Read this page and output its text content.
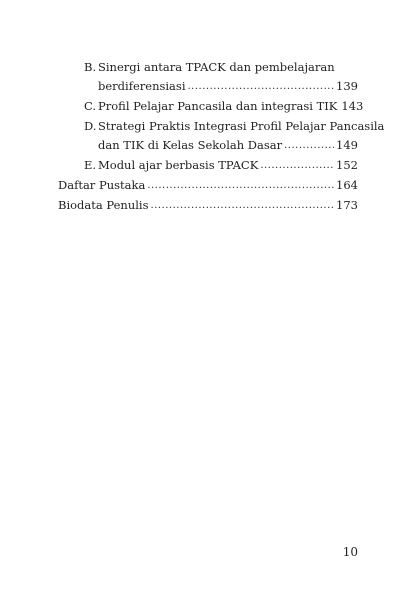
B. Sinergi antara TPACK dan pembelajaran
berdiferensiasi .....	139
C. Profil Pelajar Pancasila dan integrasi TIK 143
D. Strategi Praktis Integrasi Profil Pelajar Pancasila
dan TIK di Kelas Sekolah Dasar .....	149
E. Modul ajar berbasis TPACK .....	152
Daftar Pustaka .....	164
Biodata Penulis .....	173
10
